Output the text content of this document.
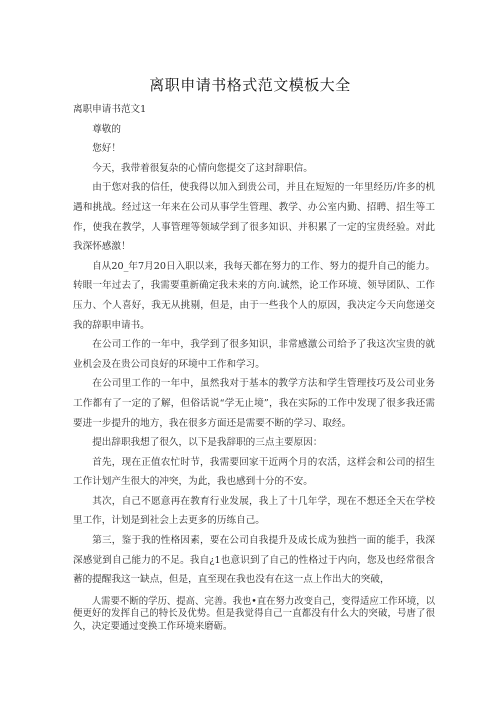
离职申请书格式范文模板大全

离职申请书范文1

尊敬的

您好！

今天，我带着很复杂的心情向您提交了这封辞职信。

由于您对我的信任，使我得以加入到贵公司，并且在短短的一年里经历/许多的机遇和挑战。经过这一年来在公司从事学生管理、教学、办公室内勤、招聘、招生等工作，使我在教学，人事管理等领域学到了很多知识、并积累了一定的宝贵经验。对此我深怀感激！

自从20_年7月20日入职以来，我每天都在努力的工作、努力的提升自己的能力。转眼一年过去了，我需要重新确定我未来的方向.诚然，论工作环境、领导团队、工作压力、个人喜好，我无从挑剔，但是，由于一些我个人的原因，我决定今天向您递交我的辞职申请书。

在公司工作的一年中，我学到了很多知识，非常感激公司给予了我这次宝贵的就业机会及在贵公司良好的环境中工作和学习。

在公司里工作的一年中，虽然我对于基本的教学方法和学生管理技巧及公司业务工作都有了一定的了解，但俗话说“学无止境”，我在实际的工作中发现了很多我还需要进一步提升的地方，我在很多方面还是需要不断的学习、取经。

提出辞职我想了很久，以下是我辞职的三点主要原因：

首先，现在正值农忙时节，我需要回家干近两个月的农活，这样会和公司的招生工作计划产生很大的冲突，为此，我也感到十分的不安。

其次，自己不愿意再在教育行业发展，我上了十几年学，现在不想还全天在学校里工作，计划是到社会上去更多的历练自己。

第三，鉴于我的性格因素，要在公司自我提升及成长成为独挡一面的能手，我深深感觉到自己能力的不足。我自¿1也意识到了自己的性格过于内向，您及也经常很含蓄的提醒我这一缺点，但是，直至现在我也没有在这一点上作出大的突破，

人需要不断的学历、提高、完善。我也•直在努力改变自己，变得适应工作环境，以便更好的发挥自己的特长及优势。但是我觉得自己一直都没有什么大的突破，号唐了很久，决定要通过变换工作环境来磨砺。
